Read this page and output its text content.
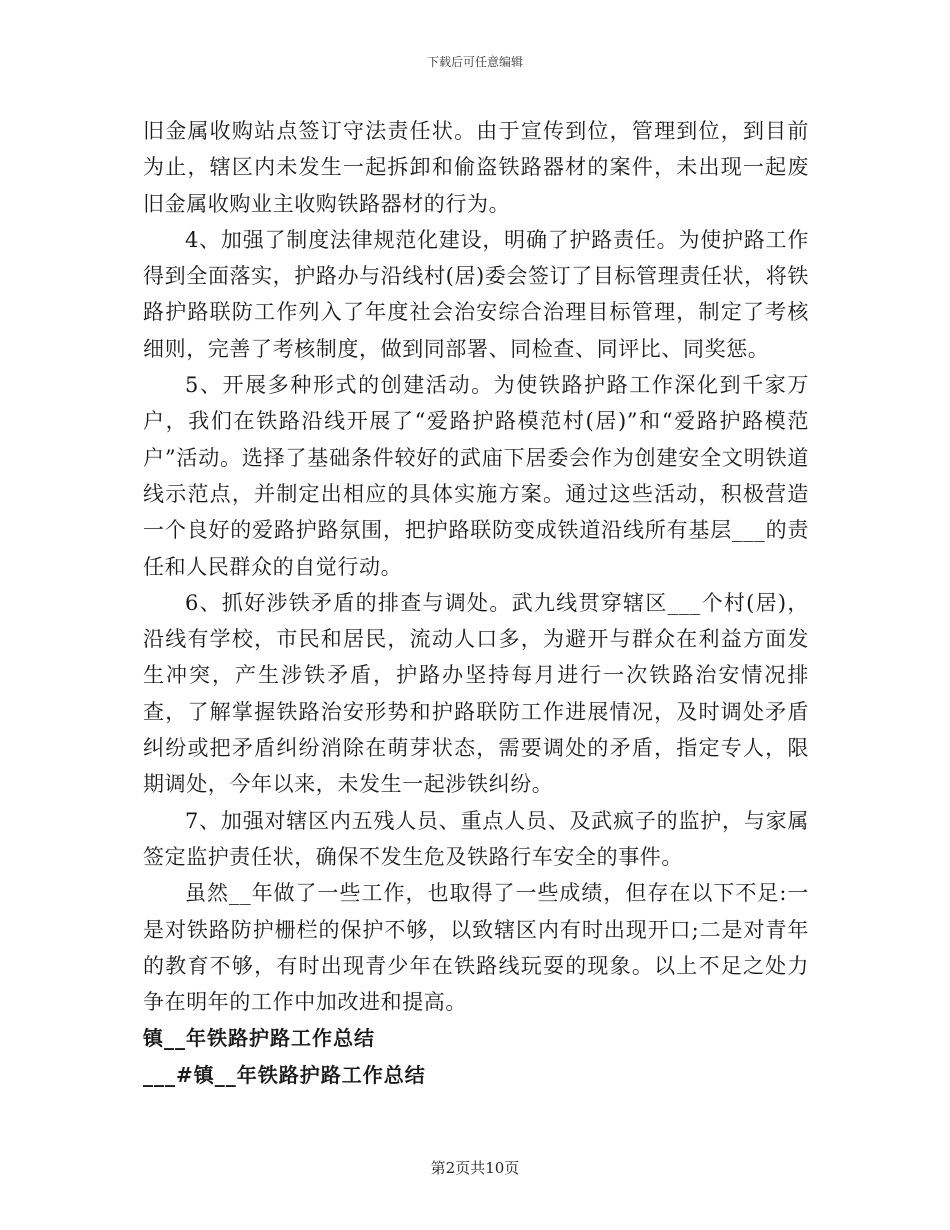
下载后可任意编辑

旧金属收购站点签订守法责任状。由于宣传到位，管理到位，到目前为止，辖区内未发生一起拆卸和偷盗铁路器材的案件，未出现一起废旧金属收购业主收购铁路器材的行为。

4、加强了制度法律规范化建设，明确了护路责任。为使护路工作得到全面落实，护路办与沿线村(居)委会签订了目标管理责任状，将铁路护路联防工作列入了年度社会治安综合治理目标管理，制定了考核细则，完善了考核制度，做到同部署、同检查、同评比、同奖惩。

5、开展多种形式的创建活动。为使铁路护路工作深化到千家万户，我们在铁路沿线开展了“爱路护路模范村(居)”和“爱路护路模范户”活动。选择了基础条件较好的武庙下居委会作为创建安全文明铁道线示范点，并制定出相应的具体实施方案。通过这些活动，积极营造一个良好的爱路护路氛围，把护路联防变成铁道沿线所有基层___的责任和人民群众的自觉行动。

6、抓好涉铁矛盾的排查与调处。武九线贯穿辖区___个村(居)，沿线有学校，市民和居民，流动人口多，为避开与群众在利益方面发生冲突，产生涉铁矛盾，护路办坚持每月进行一次铁路治安情况排查，了解掌握铁路治安形势和护路联防工作进展情况，及时调处矛盾纠纷或把矛盾纠纷消除在萌芽状态，需要调处的矛盾，指定专人，限期调处，今年以来，未发生一起涉铁纠纷。

7、加强对辖区内五残人员、重点人员、及武疯子的监护，与家属签定监护责任状，确保不发生危及铁路行车安全的事件。

虽然__年做了一些工作，也取得了一些成绩，但存在以下不足:一是对铁路防护栅栏的保护不够，以致辖区内有时出现开口;二是对青年的教育不够，有时出现青少年在铁路线玩耍的现象。以上不足之处力争在明年的工作中加改进和提高。

镇__年铁路护路工作总结

___#镇__年铁路护路工作总结

第2页共10页
